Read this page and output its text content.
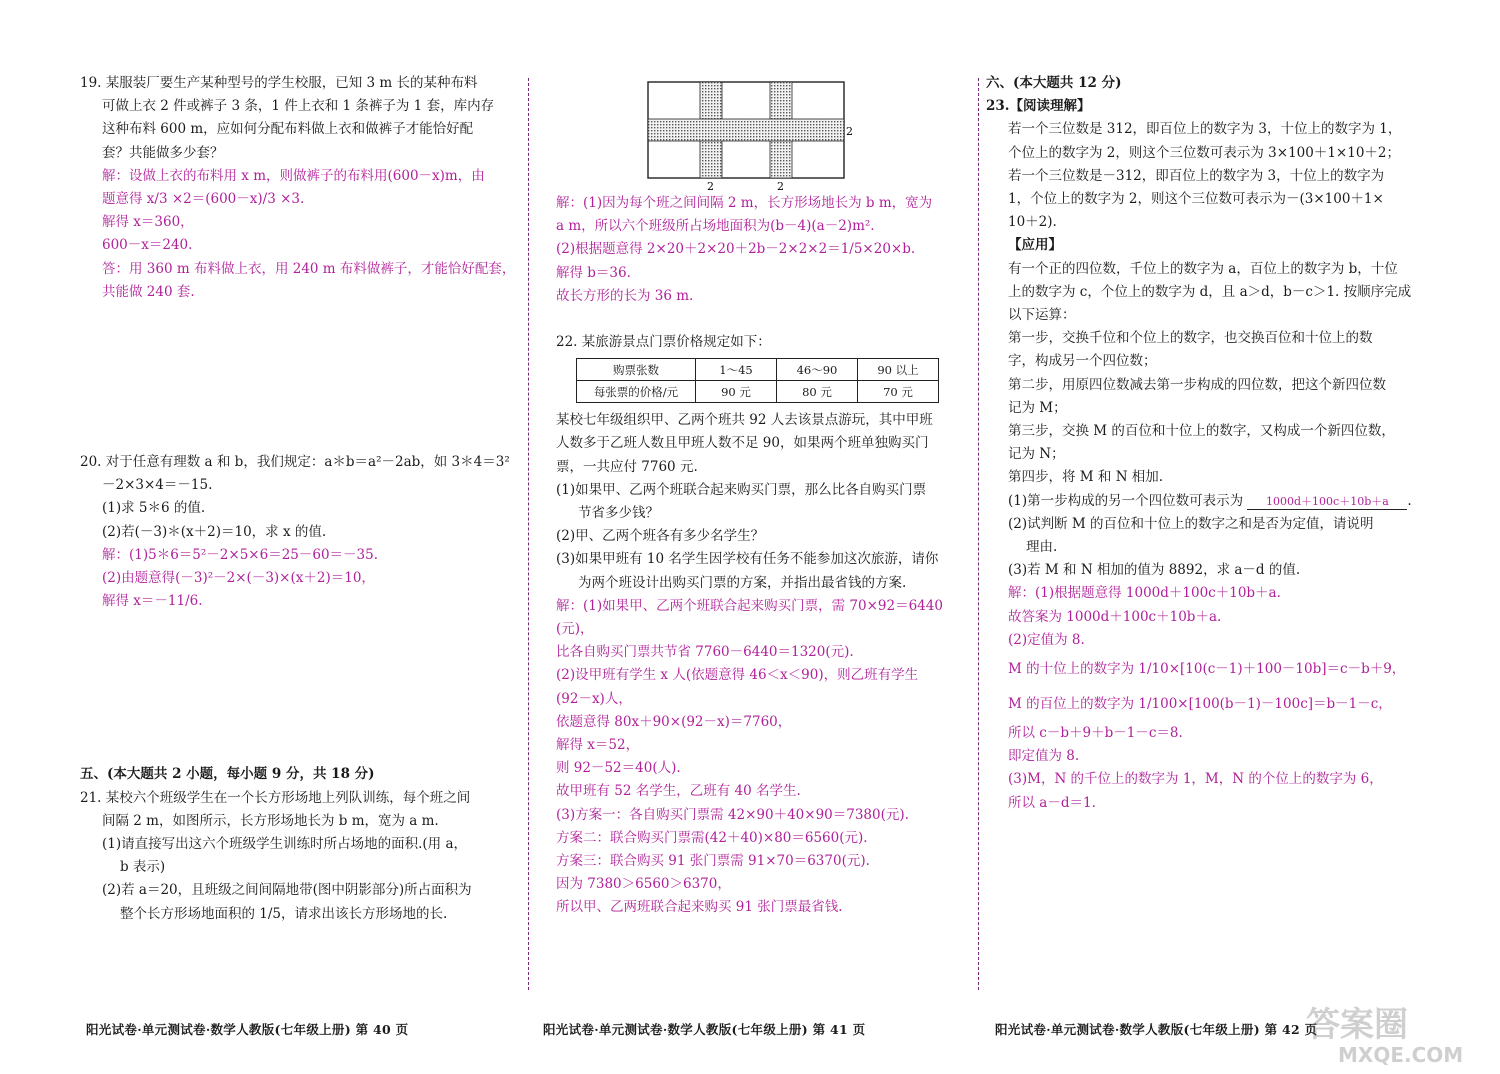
19. 某服装厂要生产某种型号的学生校服，已知 3 m 长的某种布料
可做上衣 2 件或裤子 3 条，1 件上衣和 1 条裤子为 1 套，库内存
这种布料 600 m，应如何分配布料做上衣和做裤子才能恰好配
套？共能做多少套？
解：设做上衣的布料用 x m，则做裤子的布料用(600－x)m，由
题意得 x/3 ×2＝(600－x)/3 ×3.
解得 x＝360，
600－x＝240.
答：用 360 m 布料做上衣，用 240 m 布料做裤子，才能恰好配套，
共能做 240 套.
20. 对于任意有理数 a 和 b，我们规定：a＊b＝a²－2ab，如 3＊4＝3²
－2×3×4＝－15.
(1)求 5＊6 的值.
(2)若(－3)＊(x＋2)＝10，求 x 的值.
解：(1)5＊6＝5²－2×5×6＝25－60＝－35.
(2)由题意得(－3)²－2×(－3)×(x＋2)＝10，
解得 x＝－11/6.
五、(本大题共 2 小题，每小题 9 分，共 18 分)
21. 某校六个班级学生在一个长方形场地上列队训练，每个班之间
间隔 2 m，如图所示，长方形场地长为 b m，宽为 a m.
(1)请直接写出这六个班级学生训练时所占场地的面积.(用 a，
b 表示)
(2)若 a＝20，且班级之间间隔地带(图中阴影部分)所占面积为
整个长方形场地面积的 1/5，请求出该长方形场地的长.
2
2	2
解：(1)因为每个班之间间隔 2 m，长方形场地长为 b m，宽为
a m，所以六个班级所占场地面积为(b－4)(a－2)m².
(2)根据题意得 2×20＋2×20＋2b－2×2×2＝1/5×20×b.
解得 b＝36.
故长方形的长为 36 m.
22. 某旅游景点门票价格规定如下：
购票张数	1～45	46～90	90 以上
每张票的价格/元	90 元	80 元	70 元
某校七年级组织甲、乙两个班共 92 人去该景点游玩，其中甲班
人数多于乙班人数且甲班人数不足 90，如果两个班单独购买门
票，一共应付 7760 元.
(1)如果甲、乙两个班联合起来购买门票，那么比各自购买门票
节省多少钱？
(2)甲、乙两个班各有多少名学生？
(3)如果甲班有 10 名学生因学校有任务不能参加这次旅游，请你
为两个班设计出购买门票的方案，并指出最省钱的方案.
解：(1)如果甲、乙两个班联合起来购买门票，需 70×92＝6440
(元)，
比各自购买门票共节省 7760－6440＝1320(元).
(2)设甲班有学生 x 人(依题意得 46＜x＜90)，则乙班有学生
(92－x)人，
依题意得 80x＋90×(92－x)＝7760，
解得 x＝52，
则 92－52＝40(人).
故甲班有 52 名学生，乙班有 40 名学生.
(3)方案一：各自购买门票需 42×90＋40×90＝7380(元).
方案二：联合购买门票需(42＋40)×80＝6560(元).
方案三：联合购买 91 张门票需 91×70＝6370(元).
因为 7380＞6560＞6370，
所以甲、乙两班联合起来购买 91 张门票最省钱.
六、(本大题共 12 分)
23.【阅读理解】
若一个三位数是 312，即百位上的数字为 3，十位上的数字为 1，
个位上的数字为 2，则这个三位数可表示为 3×100＋1×10＋2；
若一个三位数是－312，即百位上的数字为 3，十位上的数字为
1，个位上的数字为 2，则这个三位数可表示为－(3×100＋1×
10＋2).
【应用】
有一个正的四位数，千位上的数字为 a，百位上的数字为 b，十位
上的数字为 c，个位上的数字为 d，且 a＞d，b－c＞1. 按顺序完成
以下运算：
第一步，交换千位和个位上的数字，也交换百位和十位上的数
字，构成另一个四位数；
第二步，用原四位数减去第一步构成的四位数，把这个新四位数
记为 M；
第三步，交换 M 的百位和十位上的数字，又构成一个新四位数，
记为 N；
第四步，将 M 和 N 相加.
(1)第一步构成的另一个四位数可表示为 1000d＋100c＋10b＋a .
(2)试判断 M 的百位和十位上的数字之和是否为定值，请说明
理由.
(3)若 M 和 N 相加的值为 8892，求 a－d 的值.
解：(1)根据题意得 1000d＋100c＋10b＋a.
故答案为 1000d＋100c＋10b＋a.
(2)定值为 8.
M 的十位上的数字为 1/10×[10(c－1)＋100－10b]＝c－b＋9，
M 的百位上的数字为 1/100×[100(b－1)－100c]＝b－1－c，
所以 c－b＋9＋b－1－c＝8.
即定值为 8.
(3)M，N 的千位上的数字为 1，M，N 的个位上的数字为 6，
所以 a－d＝1.
阳光试卷·单元测试卷·数学人教版(七年级上册) 第 40 页	阳光试卷·单元测试卷·数学人教版(七年级上册) 第 41 页	阳光试卷·单元测试卷·数学人教版(七年级上册) 第 42 页
答案圈
MXQE.COM
